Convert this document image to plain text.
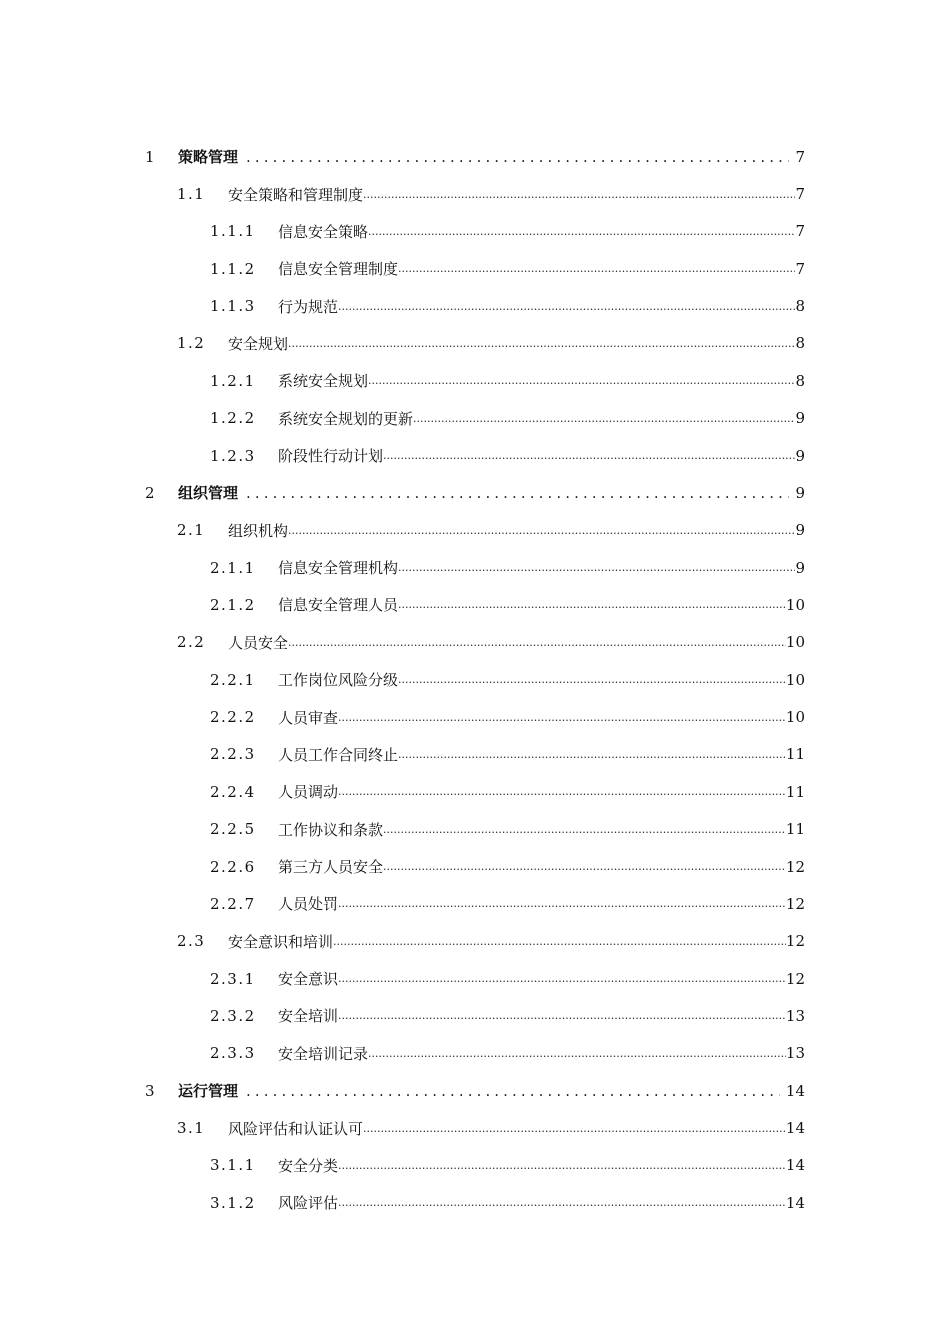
1 策略管理 .....	7
1.1 安全策略和管理制度 .....	7
1.1.1 信息安全策略 .....	7
1.1.2 信息安全管理制度 .....	7
1.1.3 行为规范 .....	8
1.2 安全规划 .....	8
1.2.1 系统安全规划 .....	8
1.2.2 系统安全规划的更新 .....	9
1.2.3 阶段性行动计划 .....	9
2 组织管理 .....	9
2.1 组织机构 .....	9
2.1.1 信息安全管理机构 .....	9
2.1.2 信息安全管理人员 .....	10
2.2 人员安全 .....	10
2.2.1 工作岗位风险分级 .....	10
2.2.2 人员审查 .....	10
2.2.3 人员工作合同终止 .....	11
2.2.4 人员调动 .....	11
2.2.5 工作协议和条款 .....	11
2.2.6 第三方人员安全 .....	12
2.2.7 人员处罚 .....	12
2.3 安全意识和培训 .....	12
2.3.1 安全意识 .....	12
2.3.2 安全培训 .....	13
2.3.3 安全培训记录 .....	13
3 运行管理 .....	14
3.1 风险评估和认证认可 .....	14
3.1.1 安全分类 .....	14
3.1.2 风险评估 .....	14
